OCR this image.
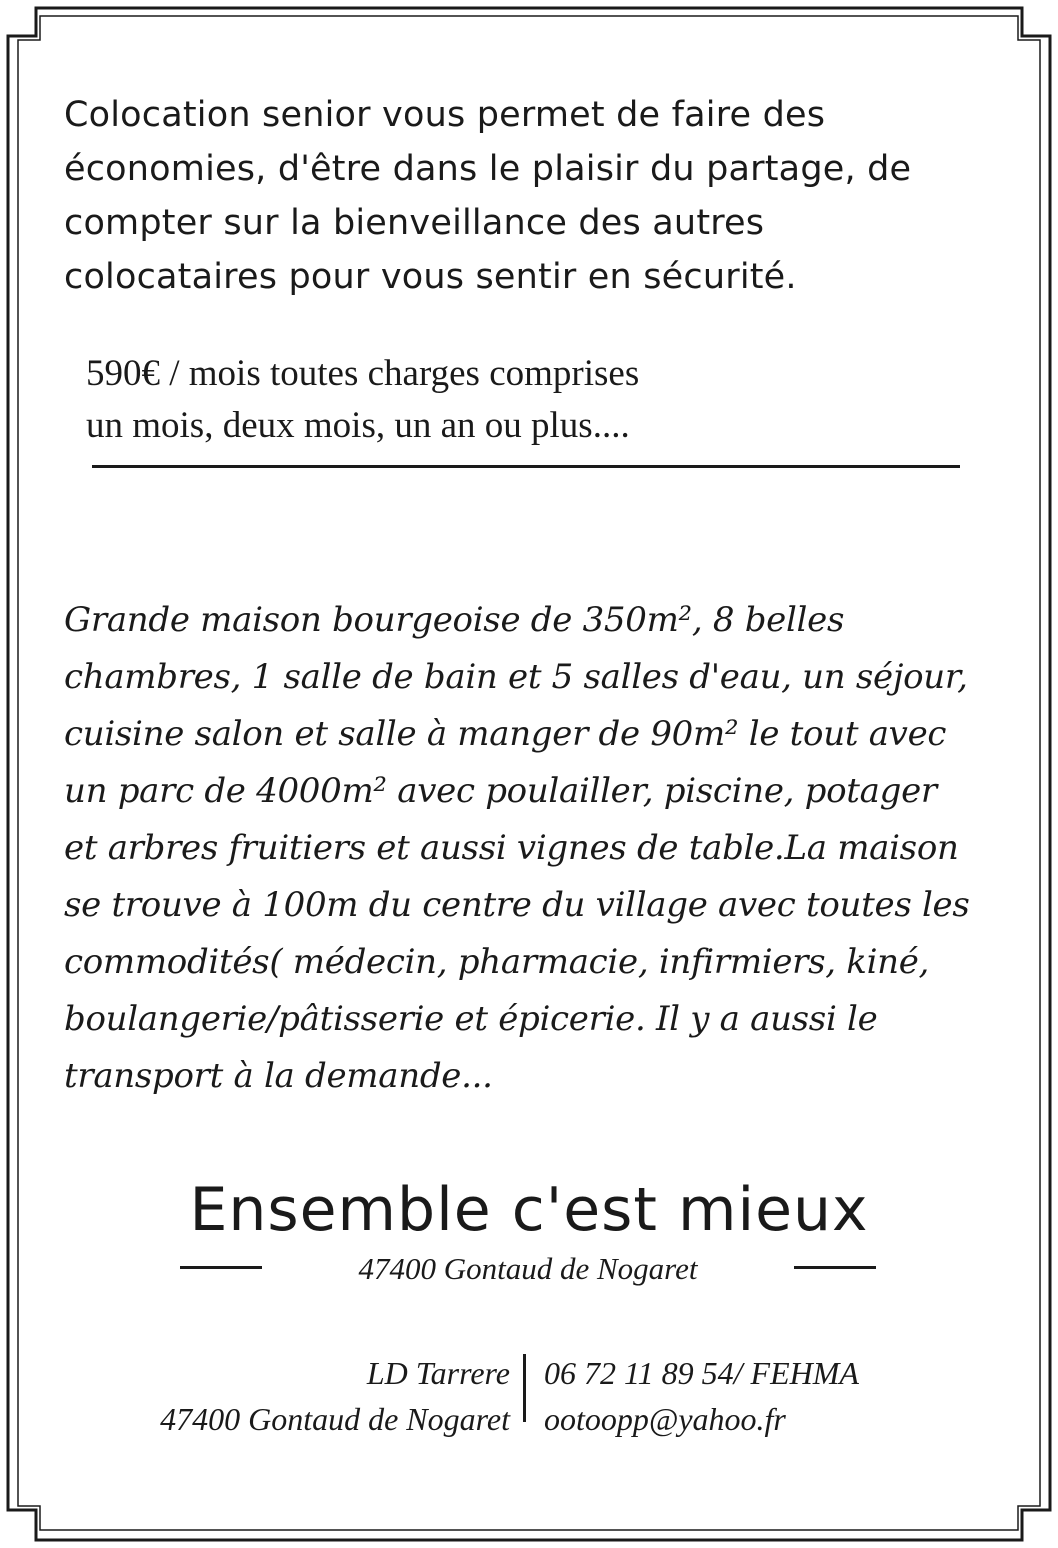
Colocation senior vous permet de faire des

économies, d'être dans le plaisir du partage, de

compter sur la bienveillance des autres

colocataires pour vous sentir en sécurité.

590€ / mois toutes charges comprises
un mois, deux mois, un an ou plus....
Grande maison bourgeoise de 350m², 8 belles
chambres, 1 salle de bain et 5 salles d'eau, un séjour,
cuisine salon et salle à manger de 90m² le tout avec
un parc de 4000m² avec poulailler, piscine, potager
et arbres fruitiers et aussi vignes de table.La maison
se trouve à 100m du centre du village avec toutes les
commodités( médecin, pharmacie, infirmiers, kiné,
boulangerie/pâtisserie et épicerie. Il y a aussi le
transport à la demande...
Ensemble c'est mieux
47400 Gontaud de Nogaret
LD Tarrere
47400 Gontaud de Nogaret
06 72 11 89 54/ FEHMA
ootoopp@yahoo.fr
